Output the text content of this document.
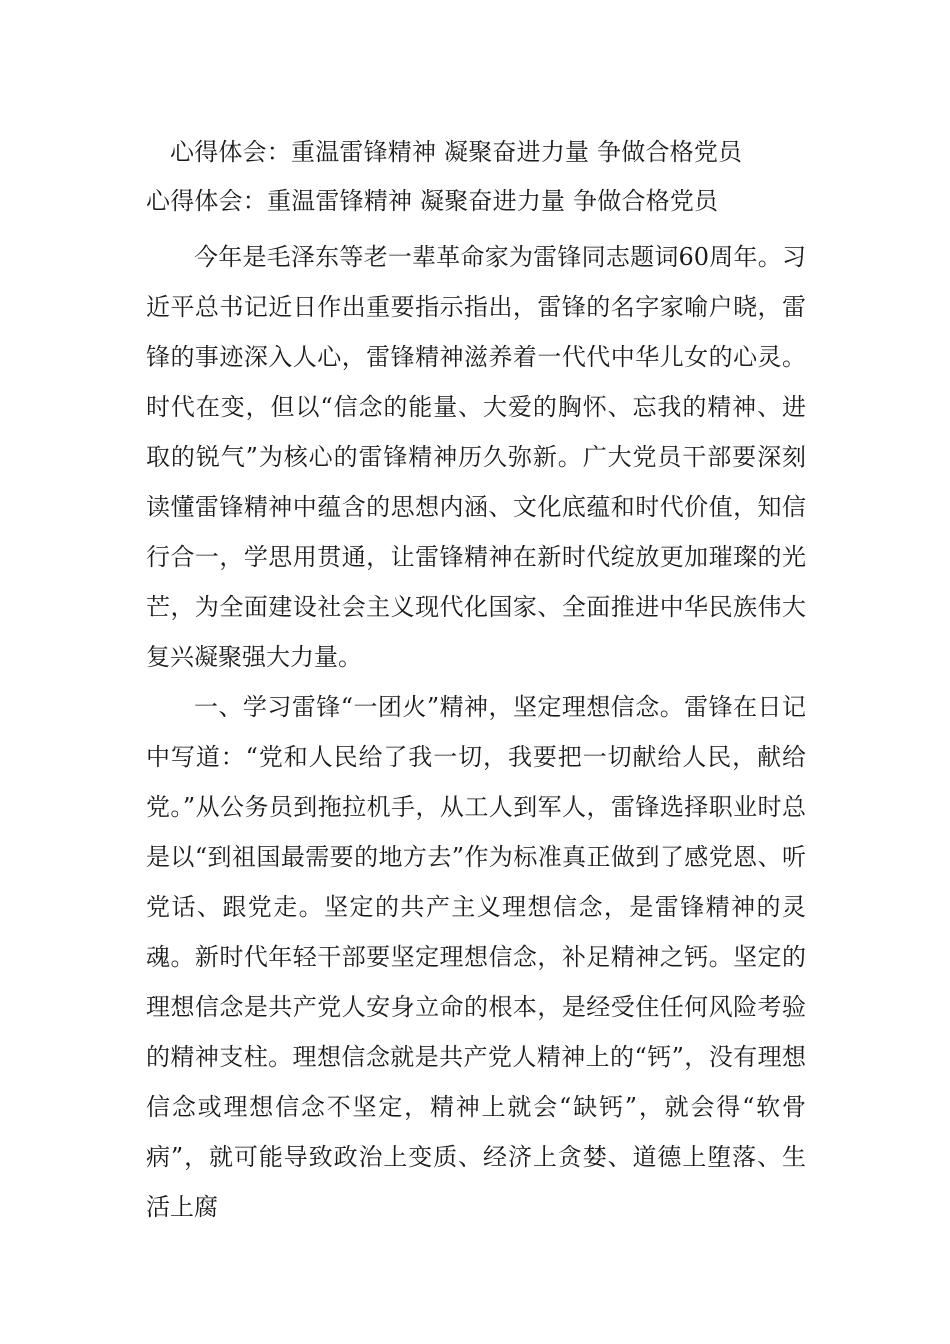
心得体会：重温雷锋精神 凝聚奋进力量 争做合格党员
心得体会：重温雷锋精神 凝聚奋进力量 争做合格党员

今年是毛泽东等老一辈革命家为雷锋同志题词60周年。习近平总书记近日作出重要指示指出，雷锋的名字家喻户晓，雷锋的事迹深入人心，雷锋精神滋养着一代代中华儿女的心灵。时代在变，但以“信念的能量、大爱的胸怀、忘我的精神、进取的锐气”为核心的雷锋精神历久弥新。广大党员干部要深刻读懂雷锋精神中蕴含的思想内涵、文化底蕴和时代价值，知信行合一，学思用贯通，让雷锋精神在新时代绽放更加璀璨的光芒，为全面建设社会主义现代化国家、全面推进中华民族伟大复兴凝聚强大力量。

一、学习雷锋“一团火”精神，坚定理想信念。雷锋在日记中写道：“党和人民给了我一切，我要把一切献给人民，献给党。”从公务员到拖拉机手，从工人到军人，雷锋选择职业时总是以“到祖国最需要的地方去”作为标准真正做到了感党恩、听党话、跟党走。坚定的共产主义理想信念，是雷锋精神的灵魂。新时代年轻干部要坚定理想信念，补足精神之钙。坚定的理想信念是共产党人安身立命的根本，是经受住任何风险考验的精神支柱。理想信念就是共产党人精神上的“钙”，没有理想信念或理想信念不坚定，精神上就会“缺钙”，就会得“软骨病”，就可能导致政治上变质、经济上贪婪、道德上堕落、生活上腐
